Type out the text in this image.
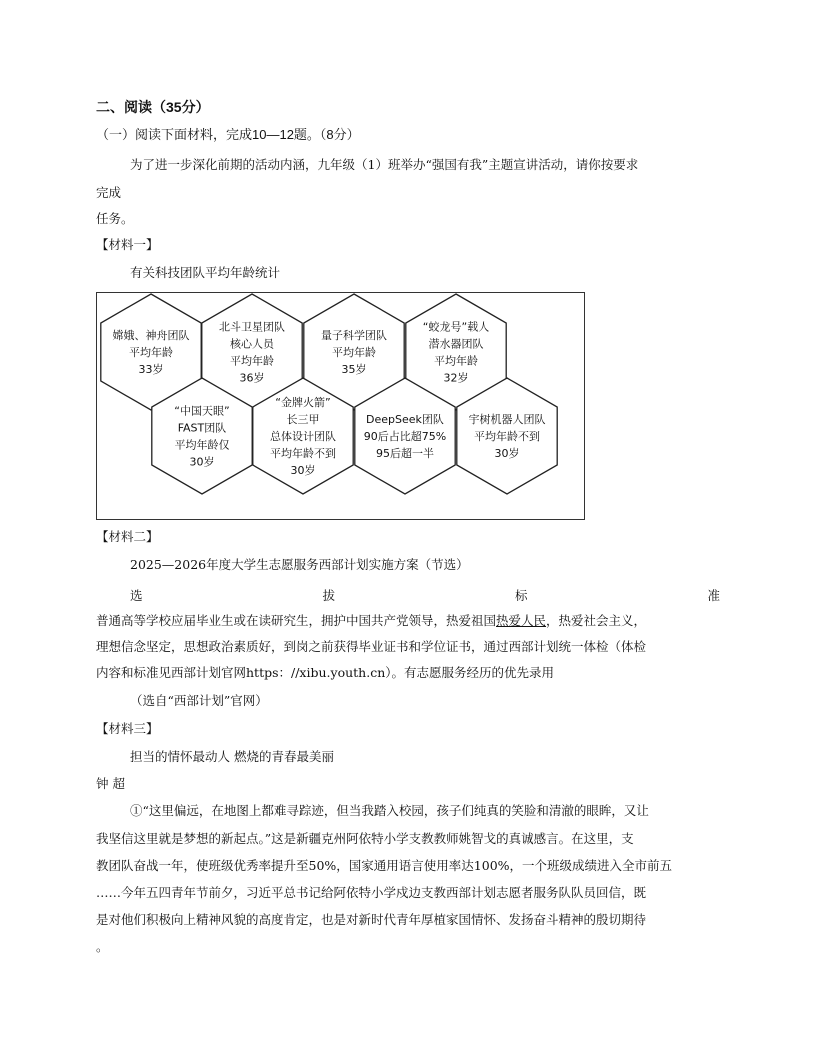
二、阅读（35分）
（一）阅读下面材料，完成10—12题。（8分）
为了进一步深化前期的活动内涵，九年级（1）班举办“强国有我”主题宣讲活动，请你按要求
完成
任务。
【材料一】
有关科技团队平均年龄统计
嫦娥、神舟团队
平均年龄
33岁
北斗卫星团队
核心人员
平均年龄
36岁
量子科学团队
平均年龄
35岁
“蛟龙号”载人
潜水器团队
平均年龄
32岁
“中国天眼”
FAST团队
平均年龄仅
30岁
“金牌火箭”
长三甲
总体设计团队
平均年龄不到
30岁
DeepSeek团队
90后占比超75%
95后超一半
宇树机器人团队
平均年龄不到
30岁
【材料二】
2025—2026年度大学生志愿服务西部计划实施方案（节选）
选	拔	标	准
普通高等学校应届毕业生或在读研究生，拥护中国共产党领导，热爱祖国热爱人民，热爱社会主义，
理想信念坚定，思想政治素质好，到岗之前获得毕业证书和学位证书，通过西部计划统一体检（体检
内容和标准见西部计划官网https：//xibu.youth.cn）。有志愿服务经历的优先录用
（选自“西部计划”官网）
【材料三】
担当的情怀最动人 燃烧的青春最美丽
钟 超
①“这里偏远，在地图上都难寻踪迹，但当我踏入校园，孩子们纯真的笑脸和清澈的眼眸，又让
我坚信这里就是梦想的新起点。”这是新疆克州阿依特小学支教教师姚智戈的真诚感言。在这里，支
教团队奋战一年，使班级优秀率提升至50%，国家通用语言使用率达100%，一个班级成绩进入全市前五
……今年五四青年节前夕，习近平总书记给阿依特小学戍边支教西部计划志愿者服务队队员回信，既
是对他们积极向上精神风貌的高度肯定，也是对新时代青年厚植家国情怀、发扬奋斗精神的殷切期待
。
